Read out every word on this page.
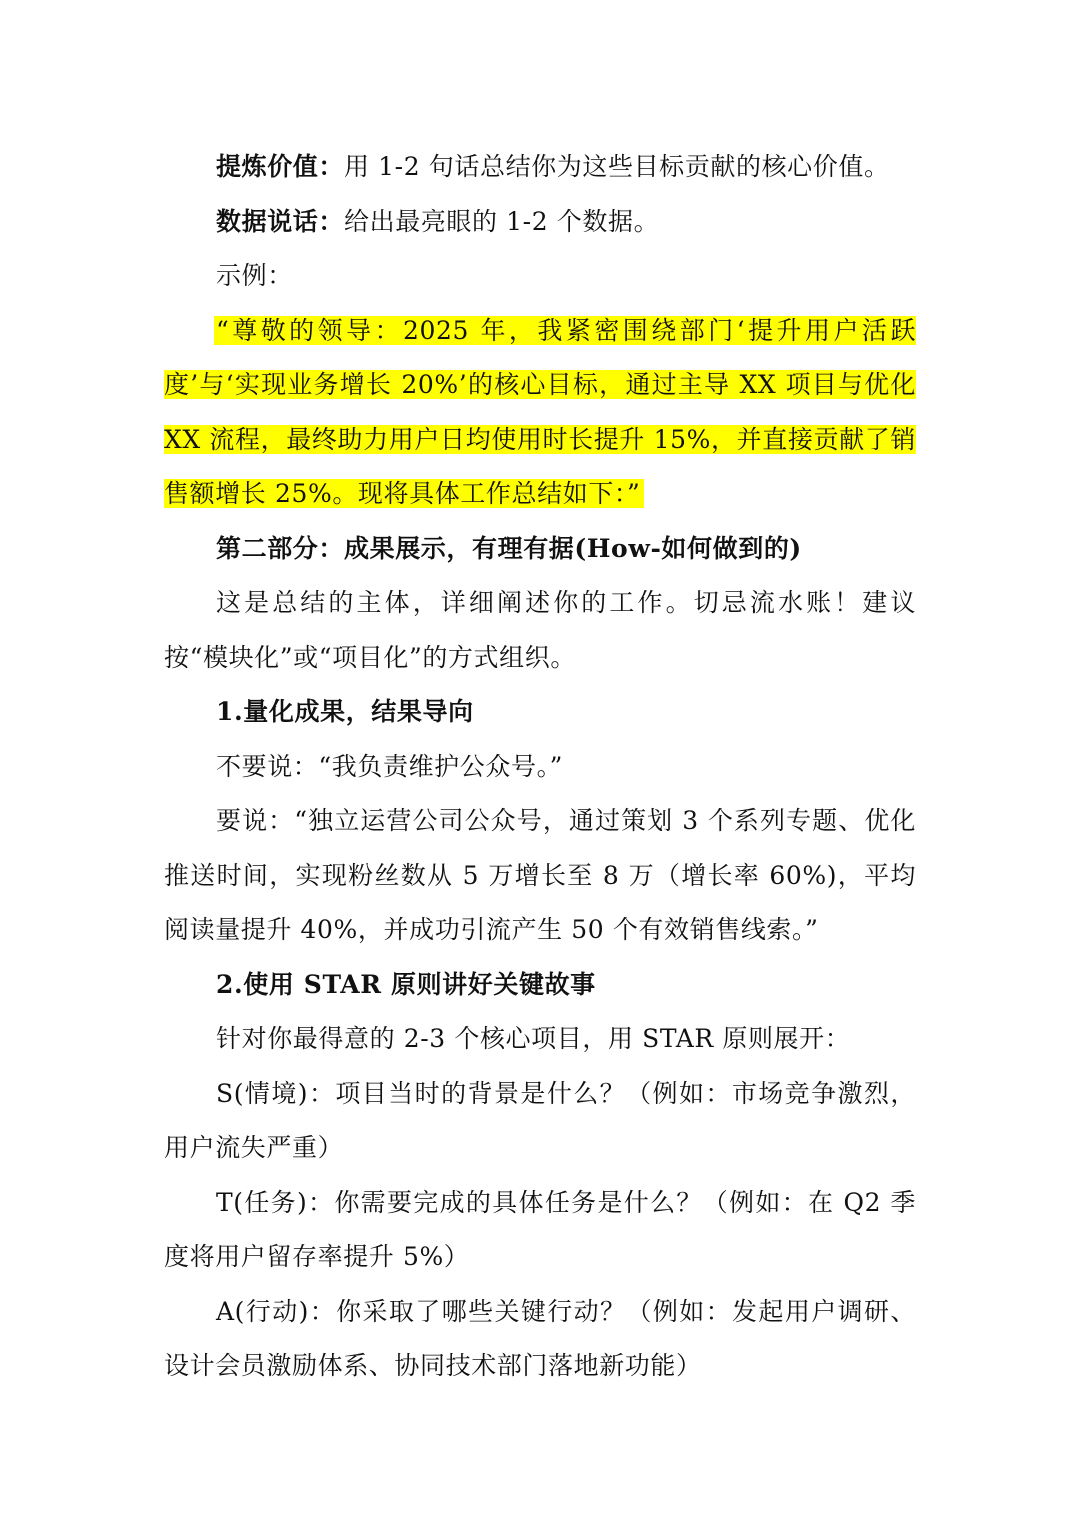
提炼价值：用 1-2 句话总结你为这些目标贡献的核心价值。

数据说话：给出最亮眼的 1-2 个数据。

示例：

“尊敬的领导：2025 年，我紧密围绕部门‘提升用户活跃度’与‘实现业务增长 20%’的核心目标，通过主导 XX 项目与优化 XX 流程，最终助力用户日均使用时长提升 15%，并直接贡献了销售额增长 25%。现将具体工作总结如下：”

第二部分：成果展示，有理有据(How-如何做到的)

这是总结的主体，详细阐述你的工作。切忌流水账！建议按“模块化”或“项目化”的方式组织。

1.量化成果，结果导向

不要说：“我负责维护公众号。”

要说：“独立运营公司公众号，通过策划 3 个系列专题、优化推送时间，实现粉丝数从 5 万增长至 8 万（增长率 60%)，平均阅读量提升 40%，并成功引流产生 50 个有效销售线索。”

2.使用 STAR 原则讲好关键故事

针对你最得意的 2-3 个核心项目，用 STAR 原则展开：

S(情境)：项目当时的背景是什么？（例如：市场竞争激烈，用户流失严重）

T(任务)：你需要完成的具体任务是什么？（例如：在 Q2 季度将用户留存率提升 5%）

A(行动)：你采取了哪些关键行动？（例如：发起用户调研、设计会员激励体系、协同技术部门落地新功能）
